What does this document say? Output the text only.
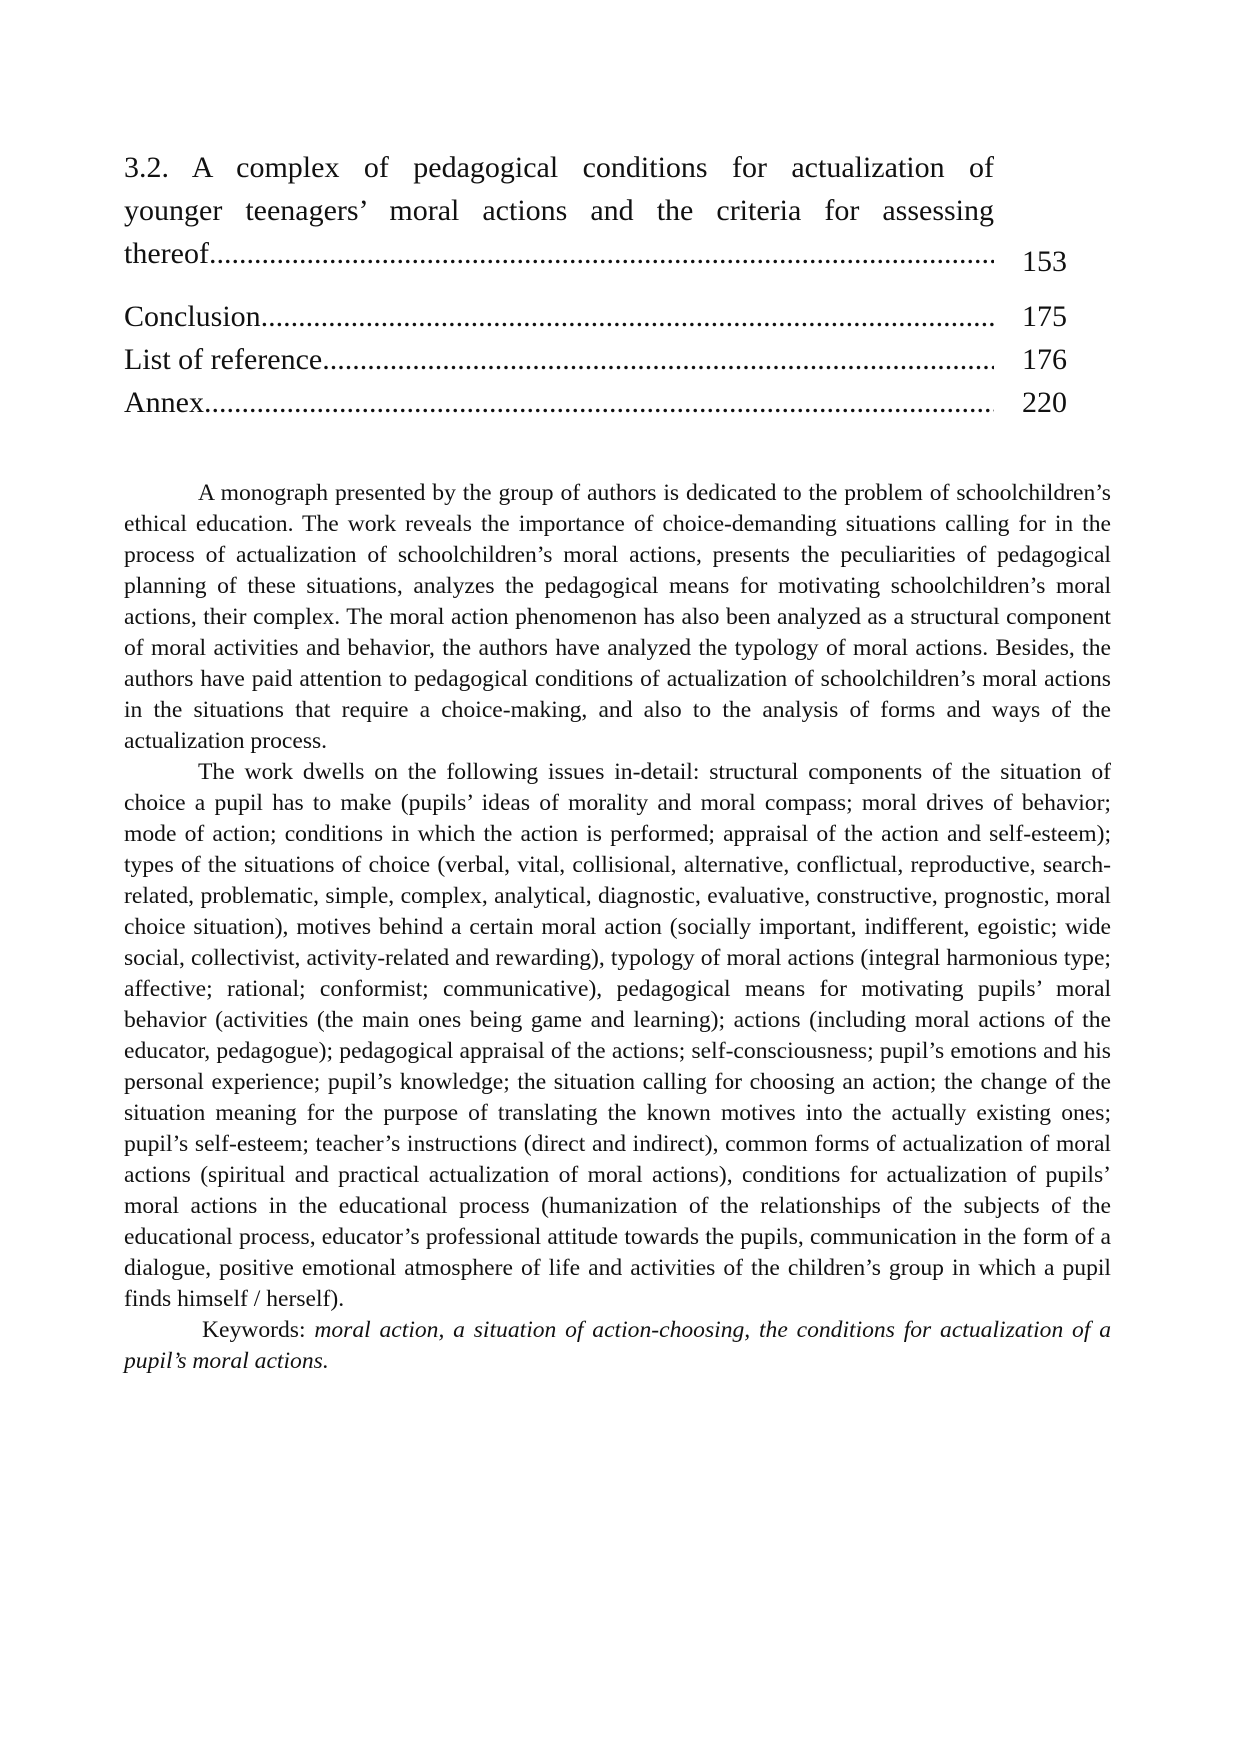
3.2. A complex of pedagogical conditions for actualization of
younger teenagers’ moral actions and the criteria for assessing
thereof .....	153
Conclusion .....	175
List of reference .....	176
Annex .....	220

A monograph presented by the group of authors is dedicated to the problem of schoolchildren’s ethical education. The work reveals the importance of choice-demanding situations calling for in the process of actualization of schoolchildren’s moral actions, presents the peculiarities of pedagogical planning of these situations, analyzes the pedagogical means for motivating schoolchildren’s moral actions, their complex. The moral action phenomenon has also been analyzed as a structural component of moral activities and behavior, the authors have analyzed the typology of moral actions. Besides, the authors have paid attention to pedagogical conditions of actualization of schoolchildren’s moral actions in the situations that require a choice-making, and also to the analysis of forms and ways of the actualization process.

The work dwells on the following issues in-detail: structural components of the situation of choice a pupil has to make (pupils’ ideas of morality and moral compass; moral drives of behavior; mode of action; conditions in which the action is performed; appraisal of the action and self-esteem); types of the situations of choice (verbal, vital, collisional, alternative, conflictual, reproductive, search-related, problematic, simple, complex, analytical, diagnostic, evaluative, constructive, prognostic, moral choice situation), motives behind a certain moral action (socially important, indifferent, egoistic; wide social, collectivist, activity-related and rewarding), typology of moral actions (integral harmonious type; affective; rational; conformist; communicative), pedagogical means for motivating pupils’ moral behavior (activities (the main ones being game and learning); actions (including moral actions of the educator, pedagogue); pedagogical appraisal of the actions; self-consciousness; pupil’s emotions and his personal experience; pupil’s knowledge; the situation calling for choosing an action; the change of the situation meaning for the purpose of translating the known motives into the actually existing ones; pupil’s self-esteem; teacher’s instructions (direct and indirect), common forms of actualization of moral actions (spiritual and practical actualization of moral actions), conditions for actualization of pupils’ moral actions in the educational process (humanization of the relationships of the subjects of the educational process, educator’s professional attitude towards the pupils, communication in the form of a dialogue, positive emotional atmosphere of life and activities of the children’s group in which a pupil finds himself / herself).

Keywords: moral action, a situation of action-choosing, the conditions for actualization of a pupil’s moral actions.
